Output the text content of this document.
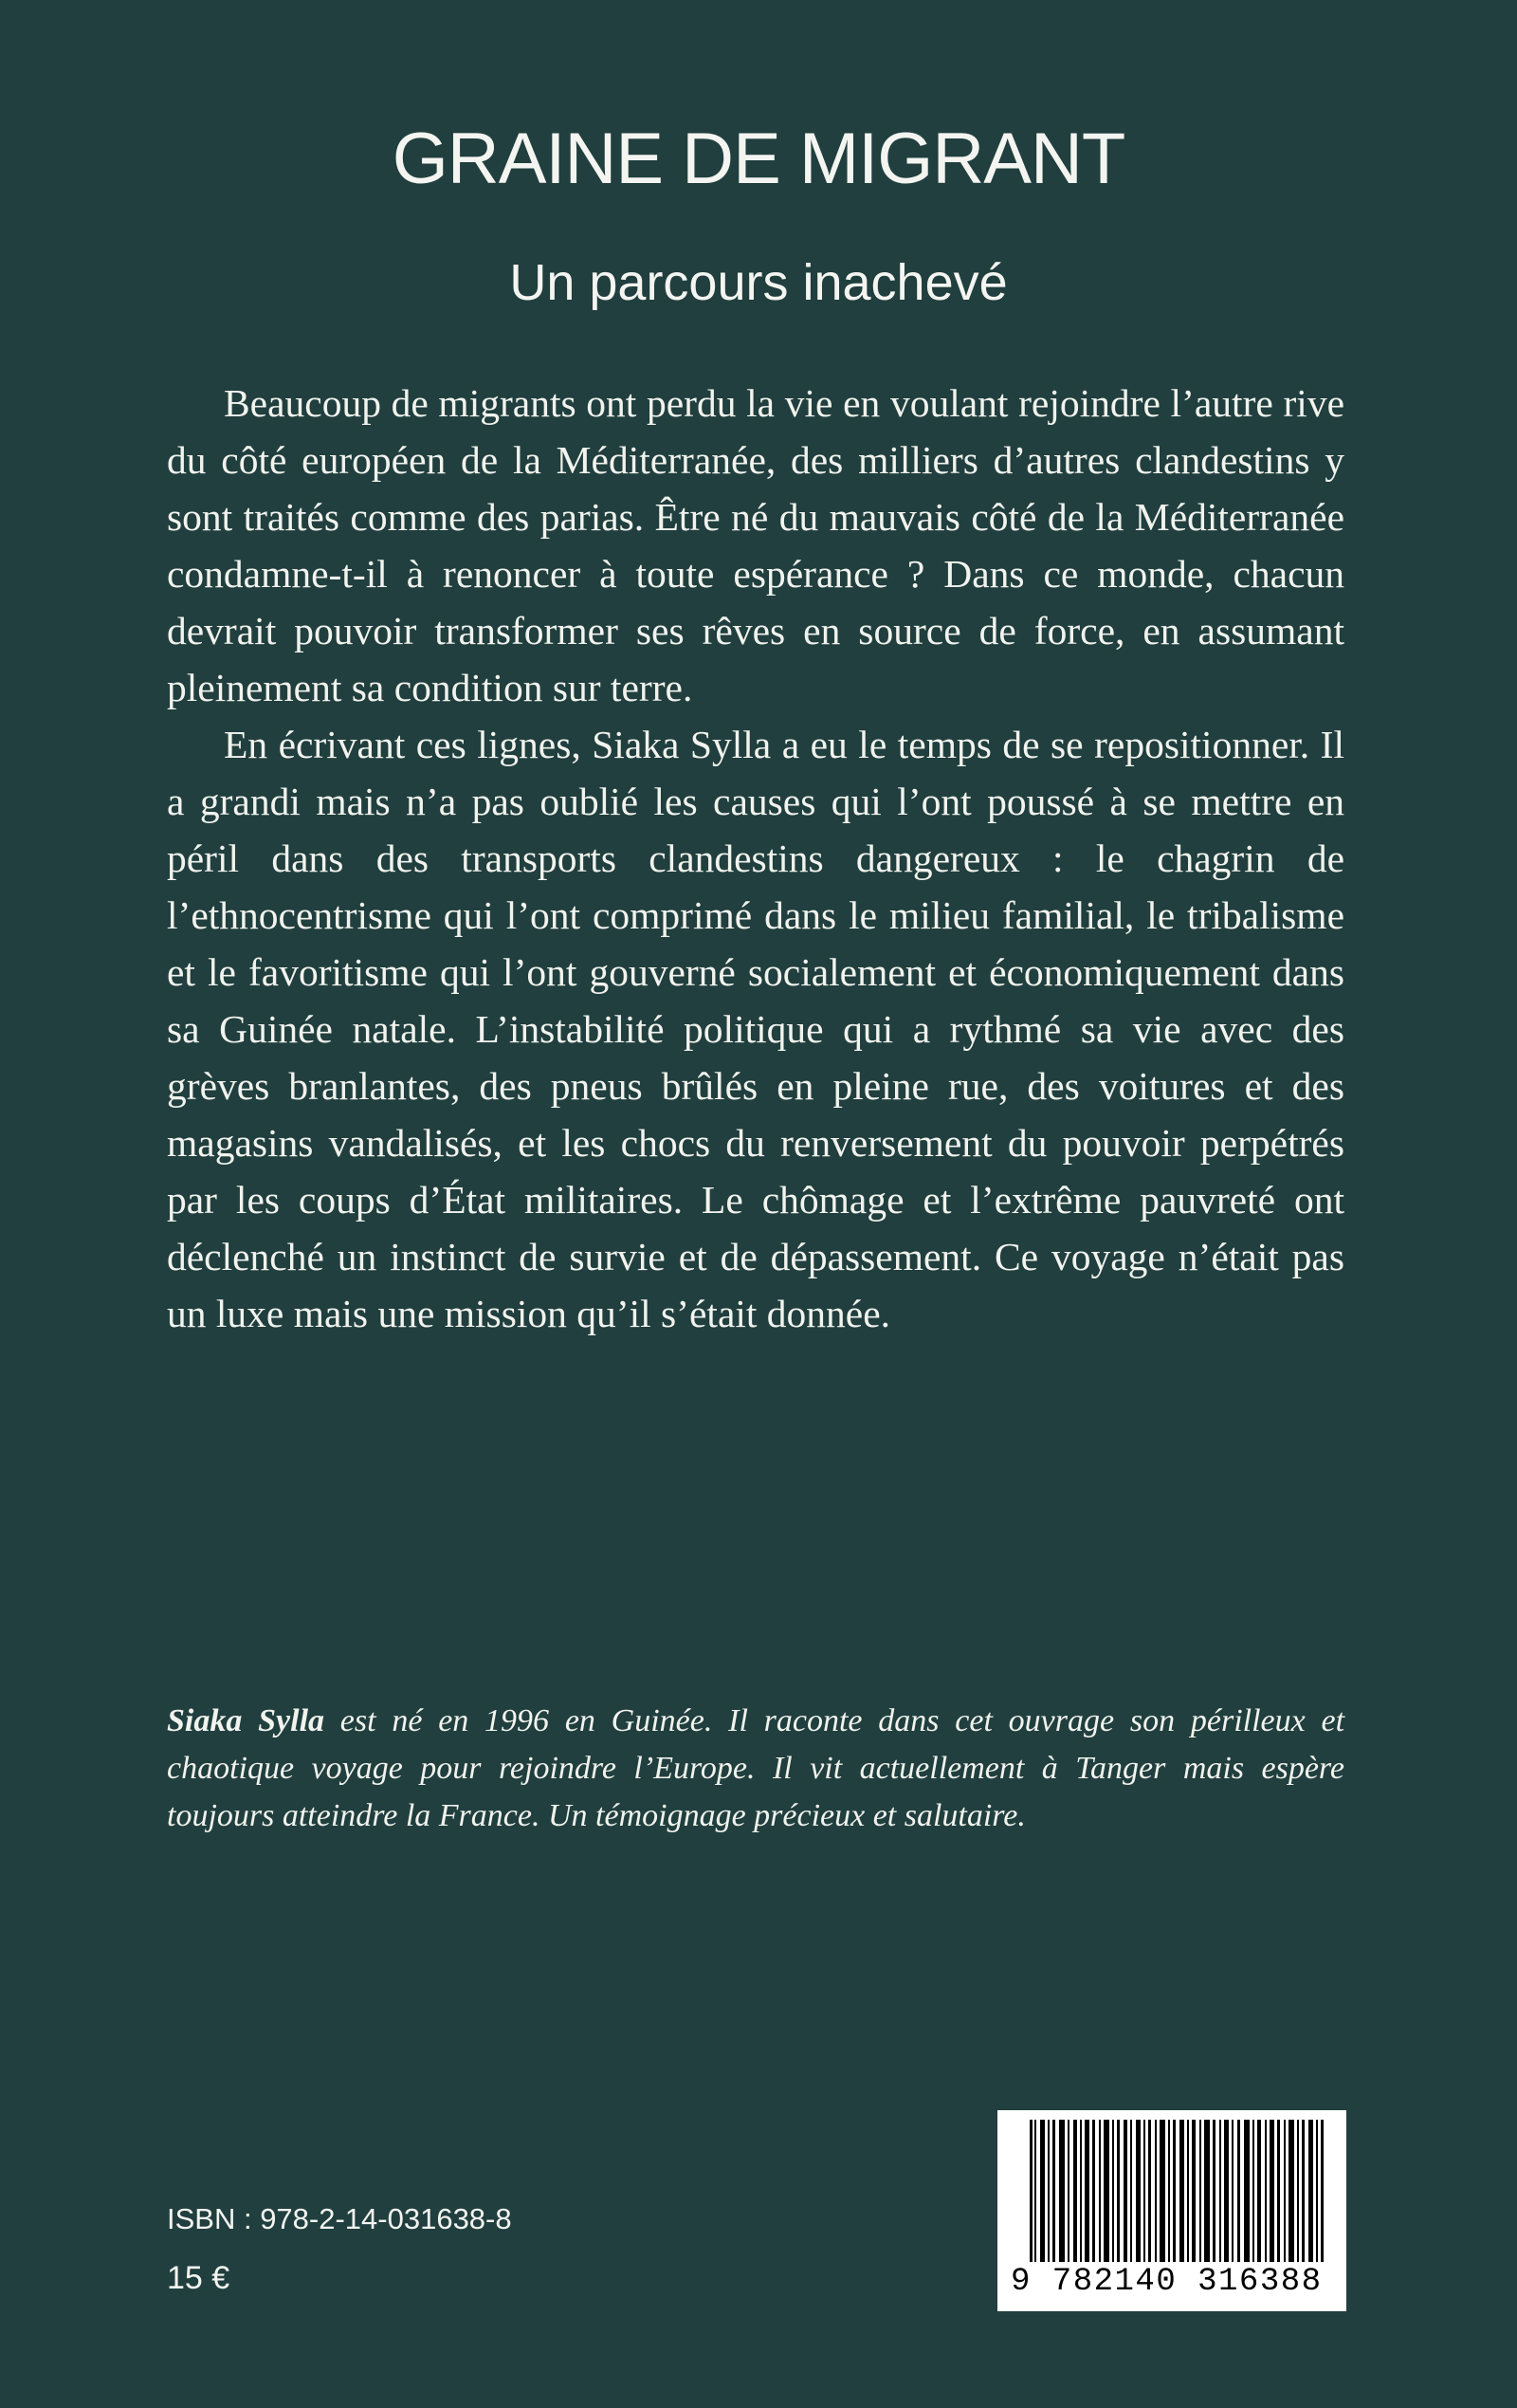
GRAINE DE MIGRANT
Un parcours inachevé

Beaucoup de migrants ont perdu la vie en voulant rejoindre l’autre rive du côté européen de la Méditerranée, des milliers d’autres clandestins y sont traités comme des parias. Être né du mauvais côté de la Méditerranée condamne-t-il à renoncer à toute espérance ? Dans ce monde, chacun devrait pouvoir transformer ses rêves en source de force, en assumant pleinement sa condition sur terre.

En écrivant ces lignes, Siaka Sylla a eu le temps de se repositionner. Il a grandi mais n’a pas oublié les causes qui l’ont poussé à se mettre en péril dans des transports clandestins dangereux : le chagrin de l’ethnocentrisme qui l’ont comprimé dans le milieu familial, le tribalisme et le favoritisme qui l’ont gouverné socialement et économiquement dans sa Guinée natale. L’instabilité politique qui a rythmé sa vie avec des grèves branlantes, des pneus brûlés en pleine rue, des voitures et des magasins vandalisés, et les chocs du renversement du pouvoir perpétrés par les coups d’État militaires. Le chômage et l’extrême pauvreté ont déclenché un instinct de survie et de dépassement. Ce voyage n’était pas un luxe mais une mission qu’il s’était donnée.

Siaka Sylla est né en 1996 en Guinée. Il raconte dans cet ouvrage son périlleux et chaotique voyage pour rejoindre l’Europe. Il vit actuellement à Tanger mais espère toujours atteindre la France. Un témoignage précieux et salutaire.

ISBN : 978-2-14-031638-8

15 €	9 782140 316388
